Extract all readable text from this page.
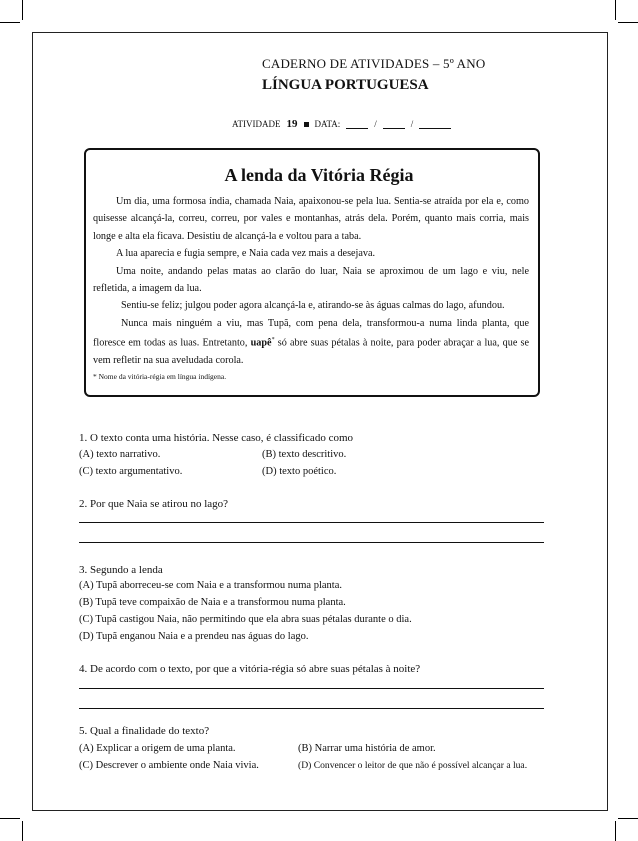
CADERNO DE ATIVIDADES – 5º ANO
LÍNGUA PORTUGUESA
ATIVIDADE 19 DATA:	/	/
A lenda da Vitória Régia

Um dia, uma formosa índia, chamada Naia, apaixonou-se pela lua. Sentia-se atraída por ela e, como quisesse alcançá-la, correu, correu, por vales e montanhas, atrás dela. Porém, quanto mais corria, mais longe e alta ela ficava. Desistiu de alcançá-la e voltou para a taba.

A lua aparecia e fugia sempre, e Naia cada vez mais a desejava.

Uma noite, andando pelas matas ao clarão do luar, Naia se aproximou de um lago e viu, nele refletida, a imagem da lua.

Sentiu-se feliz; julgou poder agora alcançá-la e, atirando-se às águas calmas do lago, afundou.

Nunca mais ninguém a viu, mas Tupã, com pena dela, transformou-a numa linda planta, que floresce em todas as luas. Entretanto, uapê* só abre suas pétalas à noite, para poder abraçar a lua, que se vem refletir na sua aveludada corola.

* Nome da vitória-régia em língua indígena.
1. O texto conta uma história. Nesse caso, é classificado como
(A) texto narrativo.	(B) texto descritivo.
(C) texto argumentativo.	(D) texto poético.
2. Por que Naia se atirou no lago?
3. Segundo a lenda
(A) Tupã aborreceu-se com Naia e a transformou numa planta.
(B) Tupã teve compaixão de Naia e a transformou numa planta.
(C) Tupã castigou Naia, não permitindo que ela abra suas pétalas durante o dia.
(D) Tupã enganou Naia e a prendeu nas águas do lago.
4. De acordo com o texto, por que a vitória-régia só abre suas pétalas à noite?
5. Qual a finalidade do texto?
(A) Explicar a origem de uma planta.	(B) Narrar uma história de amor.
(C) Descrever o ambiente onde Naia vivia.	(D) Convencer o leitor de que não é possível alcançar a lua.
